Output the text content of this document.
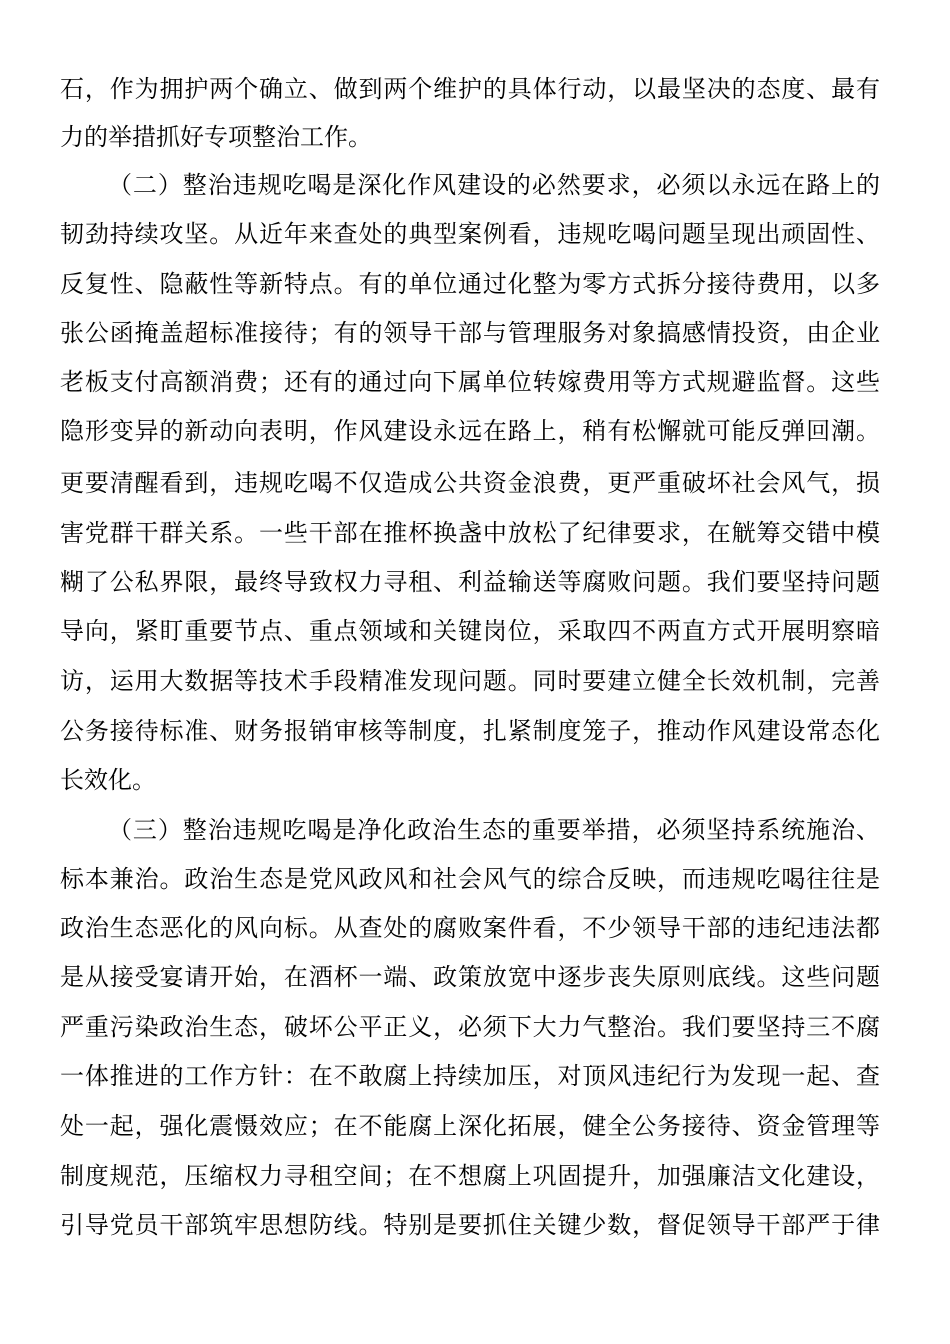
石，作为拥护两个确立、做到两个维护的具体行动，以最坚决的态度、最有
力的举措抓好专项整治工作。
（二）整治违规吃喝是深化作风建设的必然要求，必须以永远在路上的
韧劲持续攻坚。从近年来查处的典型案例看，违规吃喝问题呈现出顽固性、
反复性、隐蔽性等新特点。有的单位通过化整为零方式拆分接待费用，以多
张公函掩盖超标准接待；有的领导干部与管理服务对象搞感情投资，由企业
老板支付高额消费；还有的通过向下属单位转嫁费用等方式规避监督。这些
隐形变异的新动向表明，作风建设永远在路上，稍有松懈就可能反弹回潮。
更要清醒看到，违规吃喝不仅造成公共资金浪费，更严重破坏社会风气，损
害党群干群关系。一些干部在推杯换盏中放松了纪律要求，在觥筹交错中模
糊了公私界限，最终导致权力寻租、利益输送等腐败问题。我们要坚持问题
导向，紧盯重要节点、重点领域和关键岗位，采取四不两直方式开展明察暗
访，运用大数据等技术手段精准发现问题。同时要建立健全长效机制，完善
公务接待标准、财务报销审核等制度，扎紧制度笼子，推动作风建设常态化
长效化。
（三）整治违规吃喝是净化政治生态的重要举措，必须坚持系统施治、
标本兼治。政治生态是党风政风和社会风气的综合反映，而违规吃喝往往是
政治生态恶化的风向标。从查处的腐败案件看，不少领导干部的违纪违法都
是从接受宴请开始，在酒杯一端、政策放宽中逐步丧失原则底线。这些问题
严重污染政治生态，破坏公平正义，必须下大力气整治。我们要坚持三不腐
一体推进的工作方针：在不敢腐上持续加压，对顶风违纪行为发现一起、查
处一起，强化震慑效应；在不能腐上深化拓展，健全公务接待、资金管理等
制度规范，压缩权力寻租空间；在不想腐上巩固提升，加强廉洁文化建设，
引导党员干部筑牢思想防线。特别是要抓住关键少数，督促领导干部严于律
